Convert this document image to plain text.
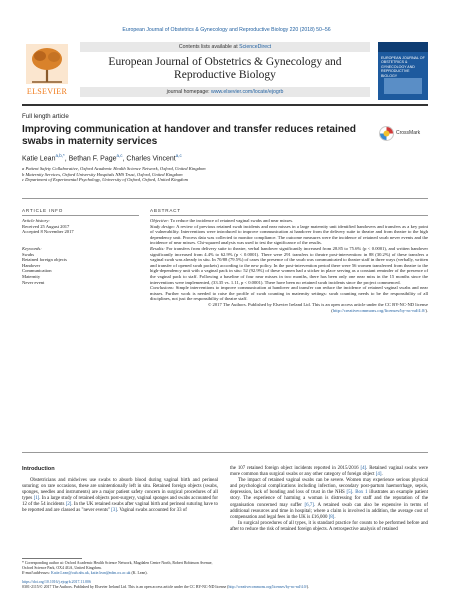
European Journal of Obstetrics & Gynecology and Reproductive Biology 220 (2018) 50–56
ELSEVIER
Contents lists available at ScienceDirect
European Journal of Obstetrics & Gynecology and Reproductive Biology
journal homepage: www.elsevier.com/locate/ejogrb
EUROPEAN JOURNAL OF OBSTETRICS & GYNECOLOGY AND REPRODUCTIVE BIOLOGY
Full length article
Improving communication at handover and transfer reduces retained swabs in maternity services
CrossMark
Katie Lean$^{a,b,*}$, Bethan F. Page$^{a,c}$, Charles Vincent$^{a,c}$
a Patient Safety Collaborative, Oxford Academic Health Science Network, Oxford, United Kingdom
b Maternity Services, Oxford University Hospitals NHS Trust, Oxford, United Kingdom
c Department of Experimental Psychology, University of Oxford, Oxford, United Kingdom
ARTICLE INFO
Article history:
Received 25 August 2017
Accepted 8 November 2017
Keywords:
Swabs
Retained foreign objects
Handover
Communication
Maternity
Never event
ABSTRACT

Objective: To reduce the incidence of retained vaginal swabs and near misses.

Study design: A review of previous retained swab incidents and near misses in a large maternity unit identified handovers and transfers as a key point of vulnerability. Interventions were introduced to improve communication at handover from the delivery suite to theatre and from theatre to the high dependency unit. Process data was collected to monitor compliance. The outcome measures were the incidence of retained swab never events and the incidence of near misses. Chi-squared analysis was used to test the significance of the results.

Results: For transfers from delivery suite to theatre, verbal handover significantly increased from 28.85 to 75.6% (p < 0.0001), and written handover significantly increased from 4.4% to 62.9% (p < 0.0001). There were 291 transfers to theatre post-intervention: in 88 (30.2%) of these transfers a vaginal swab was already in situ. In 70/88 (79.5%) of cases the presence of the swab was communicated to theatre staff in three ways (verbally, written and transfer of opened swab packets) according to the new policy. In the post-intervention period there were 56 women transferred from theatre to the high-dependency unit with a vaginal pack in situ: 52 (92.9%) of these women had a sticker in place serving as a constant reminder of the presence of the vaginal pack to staff. Following a baseline of four near misses in two months, there has been only one near miss in the 15 months since the interventions were implemented, (33.35 vs. 1.11, p < 0.0001). There have been no retained swab incidents since the project commenced.

Conclusions: Simple interventions to improve communication at handover and transfer can reduce the incidence of retained vaginal swabs and near misses. Further work is needed to raise the profile of swab counting in maternity settings: swab counting needs to be the responsibility of all disciplines, not just the responsibility of theatre staff.

© 2017 The Authors. Published by Elsevier Ireland Ltd. This is an open access article under the CC BY-NC-ND license (http://creativecommons.org/licenses/by-nc-nd/4.0/).

Introduction

Obstetricians and midwives use swabs to absorb blood during vaginal birth and perineal suturing; on rare occasions, these are unintentionally left in situ. Retained foreign objects (swabs, sponges, needles and instruments) are a major patient safety concern in surgical procedures of all types [1]. In a large study of retained objects post-surgery, vaginal sponges and swabs accounted for 12 of the 54 incidents [2]. In the UK retained swabs after vaginal birth and perineal suturing have to be reported and are classed as "never events" [3]. Vaginal swabs accounted for 33 of

the 107 retained foreign object incidents reported in 2015/2016 [4]. Retained vaginal swabs were more common than surgical swabs or any other category of foreign object [4].

The impact of retained vaginal swabs can be severe. Women may experience serious physical and psychological complications including infection, secondary post-partum haemorrhage, sepsis, depression, lack of bonding and loss of trust in the NHS [5]. Box 1 illustrates an example patient story. The experience of harming a woman is distressing for staff and the reputation of the organisation concerned may suffer [6,7]. A retained swab can also be expensive in terms of additional resources and time in hospital; where a claim is involved in addition, the average cost of compensation and legal fees in the UK is £16,000 [8].

In surgical procedures of all types, it is standard practice for counts to be performed before and after to reduce the risk of retained foreign objects. A retrospective analysis of retained

* Corresponding author at: Oxford Academic Health Science Network, Magdalen Centre North, Robert Robinson Avenue, Oxford Science Park, OX4 4GA, United Kingdom.
E-mail addresses: Katie.Lean@ouh.nhs.uk, katie.lean@ndm.ox.ac.uk (K. Lean).
https://doi.org/10.1016/j.ejogrb.2017.11.006
0301-2115/© 2017 The Authors. Published by Elsevier Ireland Ltd. This is an open access article under the CC BY-NC-ND license (http://creativecommons.org/licenses/by-nc-nd/4.0/).
